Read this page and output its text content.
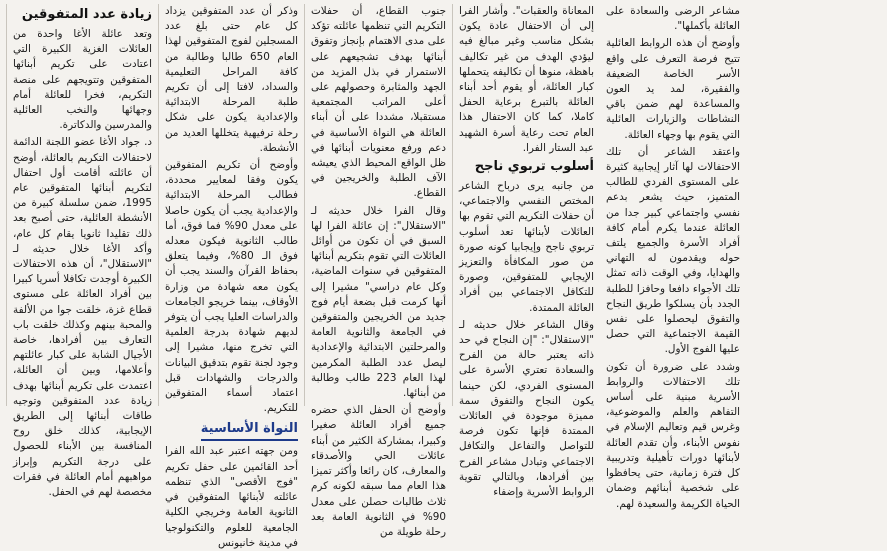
زيادة عدد المتفوقين

وتعد عائلة الأغا واحدة من العائلات الغزية الكبيرة التي اعتادت على تكريم أبنائها المتفوقين وتتويجهم على منصة التكريم، فخرا للعائلة أمام وجهائها والنخب العائلية والمدرسين والدكاترة.

د. جواد الأغا عضو اللجنة الدائمة لاحتفالات التكريم بالعائلة، أوضح أن عائلته أقامت أول احتفال لتكريم أبنائها المتفوقين عام 1995، ضمن سلسلة كبيرة من الأنشطة العائلية، حتى أصبح بعد ذلك تقليدا ثانويا يقام كل عام، وأكد الأغا خلال حديثه لـ "الاستقلال"، أن هذه الاحتفالات الكبيرة أوجدت تكافلا أسريا كبيرا بين أفراد العائلة على مستوى قطاع غزة، خلقت جوا من الألفة والمحبة بينهم وكذلك خلقت باب التعارف بين أفرادها، خاصة الأجيال الشابة على كبار عائلتهم وأعلامها، وبين أن العائلة، اعتمدت على تكريم أبنائها بهدف زيادة عدد المتفوقين وتوجيه طاقات أبنائها إلى الطريق الإيجابية، كذلك خلق روح المنافسة بين الأبناء للحصول على درجة التكريم وإبراز مواهبهم أمام العائلة في فقرات مخصصة لهم في الحفل.

وذكر أن عدد المتفوقين يزداد كل عام حتى بلغ عدد المسجلين لفوج المتفوقين لهذا العام 650 طالبا وطالبة من كافة المراحل التعليمية والسداد، لافتا إلى أن تكريم طلبة المرحلة الابتدائية والإعدادية يكون على شكل رحلة ترفيهية يتخللها العديد من الأنشطة.

وأوضح أن تكريم المتفوقين يكون وفقا لمعايير محددة، فطالب المرحلة الابتدائية والإعدادية يجب أن يكون حاصلا على معدل 90% فما فوق، أما طالب الثانوية فيكون معدله فوق الـ 80%، وفيما يتعلق بحفاظ القرآن والسند يجب أن يكون معه شهادة من وزارة الأوقاف، بينما خريجو الجامعات والدراسات العليا يجب أن يتوفر لديهم شهادة بدرجة العلمية التي تخرج منها، مشيرا إلى وجود لجنة تقوم بتدقيق البيانات والدرجات والشهادات قبل اعتماد أسماء المتفوقين للتكريم.

النواة الأساسية

ومن جهته اعتبر عبد الله الفرا أحد القائمين على حفل تكريم "فوج الأقصى" الذي تنظمه عائلته لأبنائها المتفوقين في الثانوية العامة وخريجي الكلية الجامعية للعلوم والتكنولوجيا في مدينة خانيونس

جنوب القطاع، أن حفلات التكريم التي تنظمها عائلته تؤكد على مدى الاهتمام بإنجاز وتفوق أبنائها بهدف تشجيعهم على الاستمرار في بذل المزيد من الجهد والمثابرة وحصولهم على أعلى المراتب المجتمعية مستقبلا، مشددا على أن أبناء العائلة هي النواة الأساسية في دعم ورفع معنويات أبنائها في ظل الواقع المحيط الذي يعيشه الآف الطلبة والخريجين في القطاع.

وقال الفرا خلال حديثه لـ "الاستقلال": إن عائلة الفرا لها السبق في أن تكون من أوائل العائلات التي تقوم بتكريم أبنائها المتفوقين في سنوات الماضية، وكل عام دراسي" مشيرا إلى أنها كرمت قبل بضعة أيام فوج جديد من الخريجين والمتفوقين في الجامعة والثانوية العامة والمرحلتين الابتدائية والإعدادية ليصل عدد الطلبة المكرمين لهذا العام 223 طالب وطالبة من أبنائها.

وأوضح أن الحفل الذي حضره جميع أفراد العائلة صغيرا وكبيرا، بمشاركة الكثير من أبناء عائلات الحي والأصدقاء والمعارف، كان رائعا وأكثر تميزا هذا العام مما سبقه لكونه كرم ثلاث طالبات حصلن على معدل 90% في الثانوية العامة بعد رحلة طويلة من

المعاناة والعقبات". وأشار الفرا إلى أن الاحتفال عادة يكون بشكل مناسب وغير مبالغ فيه ليؤدي الهدف من غير تكاليف باهظة، منوها أن تكاليفه يتحملها كبار العائلة، أو يقوم أحد أبناء العائلة بالتبرع برعاية الحفل كاملا، كما كان الاحتفال هذا العام تحت رعاية أسرة الشهيد عبد الستار الفرا.

أسلوب تربوي ناجح

من جانبه يرى درباح الشاعر المختص النفسي والاجتماعي، أن حفلات التكريم التي تقوم بها العائلات لأبنائها تعد أسلوب تربوي ناجح وإيجابيا كونه صورة من صور المكافأة والتعزيز الإيجابي للمتفوقين، وصورة للتكافل الاجتماعي بين أفراد العائلة الممتدة.

وقال الشاعر خلال حديثه لـ "الاستقلال": "إن النجاح في حد ذاته يعتبر حالة من الفرح والسعادة تعتري الأسرة على المستوى الفردي، لكن حينما يكون النجاح والتفوق سمة مميزة موجودة في العائلات الممتدة فإنها تكون فرصة للتواصل والتفاعل والتكافل الاجتماعي وتبادل مشاعر الفرح بين أفرادها، وبالتالي تقوية الروابط الأسرية وإضفاء

مشاعر الرضى والسعادة على العائلة بأكملها".

وأوضح أن هذه الروابط العائلية تتيح فرصة التعرف على واقع الأسر الخاصة الضعيفة والفقيرة، لمد يد العون والمساعدة لهم ضمن باقي النشاطات والزيارات العائلية التي يقوم بها وجهاء العائلة.

واعتقد الشاعر أن تلك الاحتفالات لها آثار إيجابية كثيرة على المستوى الفردي للطالب المتميز، حيث يشعر بدعم نفسي واجتماعي كبير جدا من العائلة عندما يكرم أمام كافة أفراد الأسرة والجميع يلتف حوله ويقدمون له التهاني والهدايا، وفي الوقت ذاته تمثل تلك الأجواء دافعا وحافزا للطلبة الجدد بأن يسلكوا طريق النجاح والتفوق ليحصلوا على نفس القيمة الاجتماعية التي حصل عليها الفوج الأول.

وشدد على ضرورة أن تكون تلك الاحتفالات والروابط الأسرية مبنية على أساس التفاهم والعلم والموضوعية، وغرس قيم وتعاليم الإسلام في نفوس الأبناء، وأن تقدم العائلة لأبنائها دورات تأهيلية وتدريبية كل فترة زمانية، حتى يحافظوا على شخصية أبنائهم وضمان الحياة الكريمة والسعيدة لهم.
